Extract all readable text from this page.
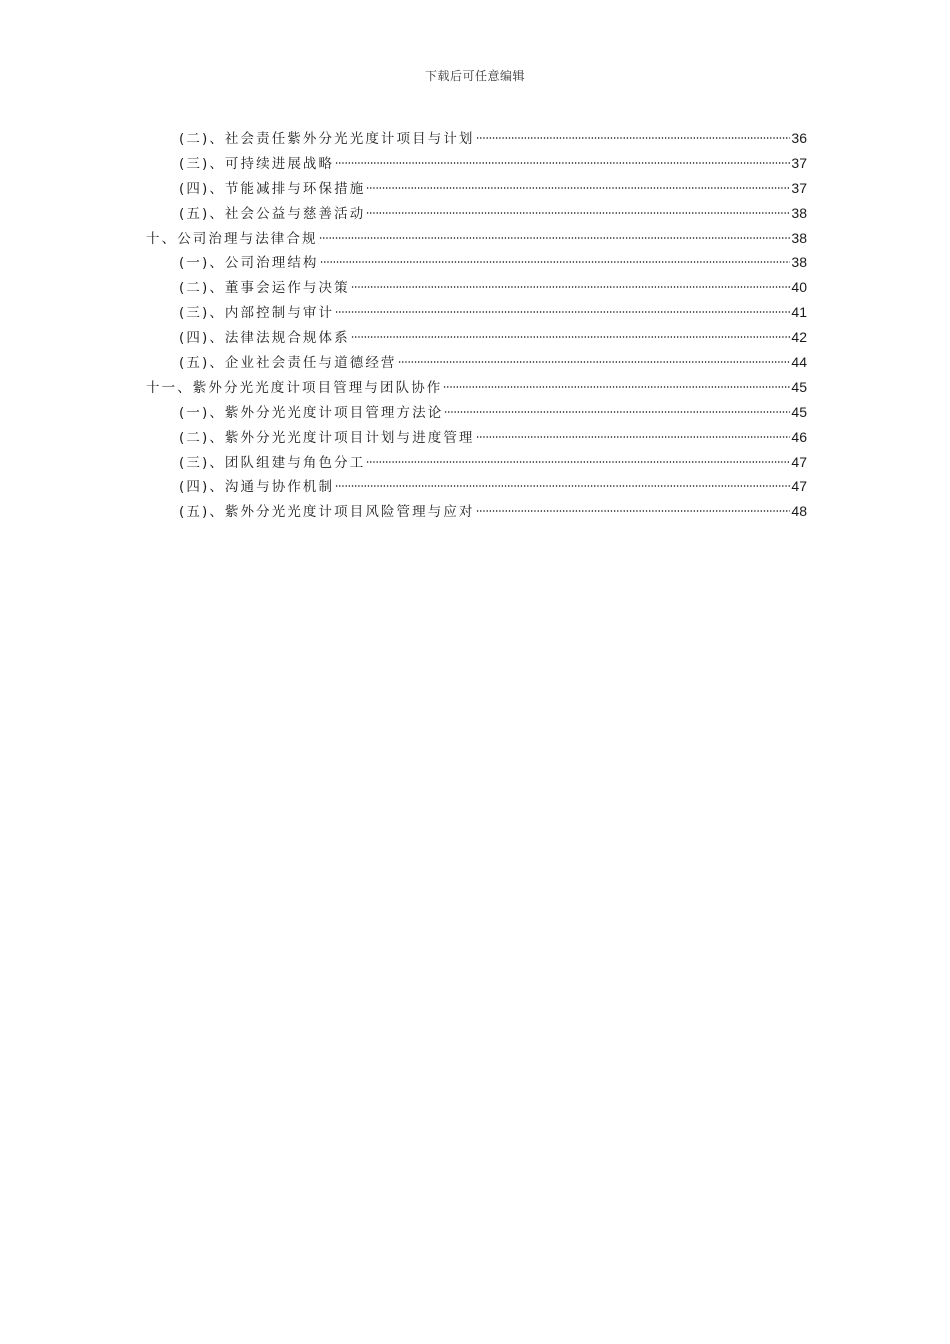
下载后可任意编辑
(二)、社会责任紫外分光光度计项目与计划	36
(三)、可持续进展战略	37
(四)、节能减排与环保措施	37
(五)、社会公益与慈善活动	38
十、公司治理与法律合规	38
(一)、公司治理结构	38
(二)、董事会运作与决策	40
(三)、内部控制与审计	41
(四)、法律法规合规体系	42
(五)、企业社会责任与道德经营	44
十一、紫外分光光度计项目管理与团队协作	45
(一)、紫外分光光度计项目管理方法论	45
(二)、紫外分光光度计项目计划与进度管理	46
(三)、团队组建与角色分工	47
(四)、沟通与协作机制	47
(五)、紫外分光光度计项目风险管理与应对	48
